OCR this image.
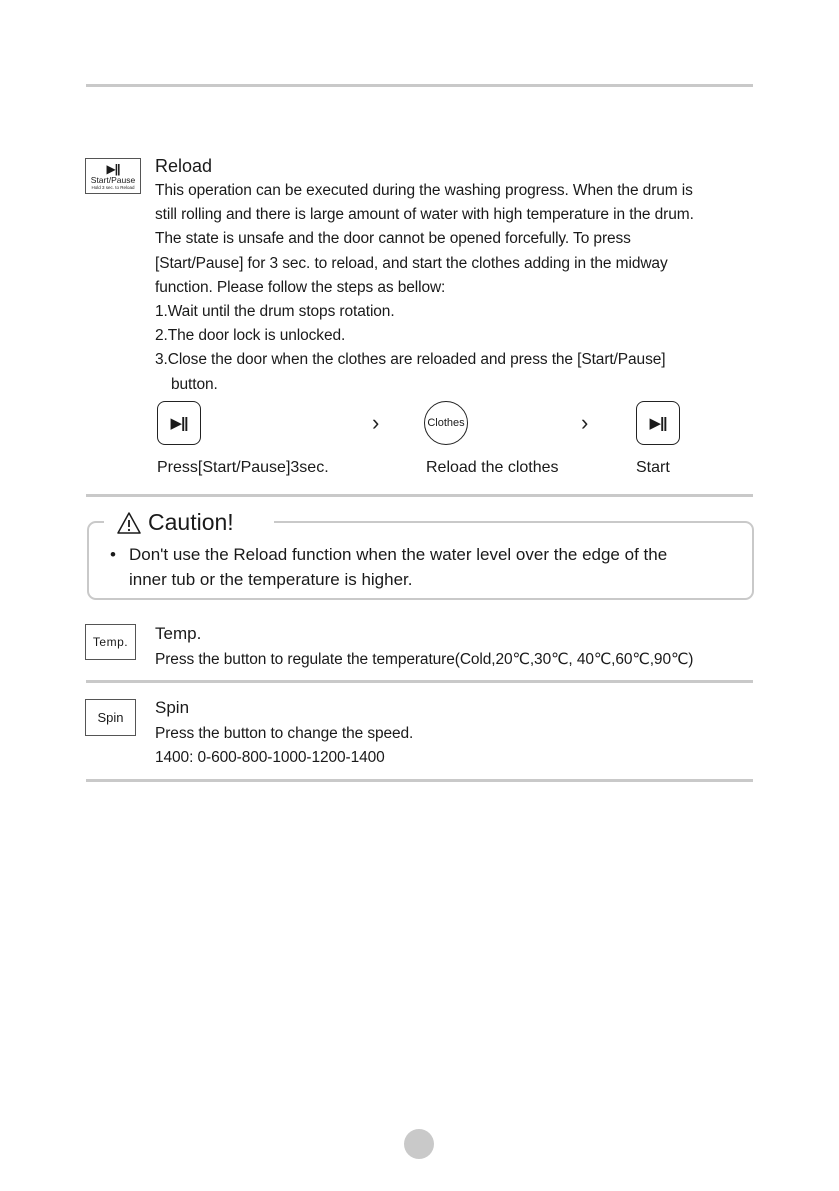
▶||
Start/Pause
Hold 3 sec. to Reload
Reload
This operation can be executed during the washing progress. When the drum is
still rolling and there is large amount of water with high temperature in the drum.
The state is unsafe and the door cannot be opened forcefully. To press
[Start/Pause] for 3 sec. to reload, and start the clothes adding in the midway
function. Please follow the steps as bellow:
1.Wait until the drum stops rotation.
2.The door lock is unlocked.
3.Close the door when the clothes are reloaded and press the [Start/Pause]
button.
▶||	›	Clothes	›	▶||
Press[Start/Pause]3sec.	Reload the clothes	Start
Caution!
• Don't use the Reload function when the water level over the edge of the
inner tub or the temperature is higher.
Temp. Temp.
Press the button to regulate the temperature(Cold,20℃,30℃, 40℃,60℃,90℃)
Spin
Spin
Press the button to change the speed.
1400: 0-600-800-1000-1200-1400
